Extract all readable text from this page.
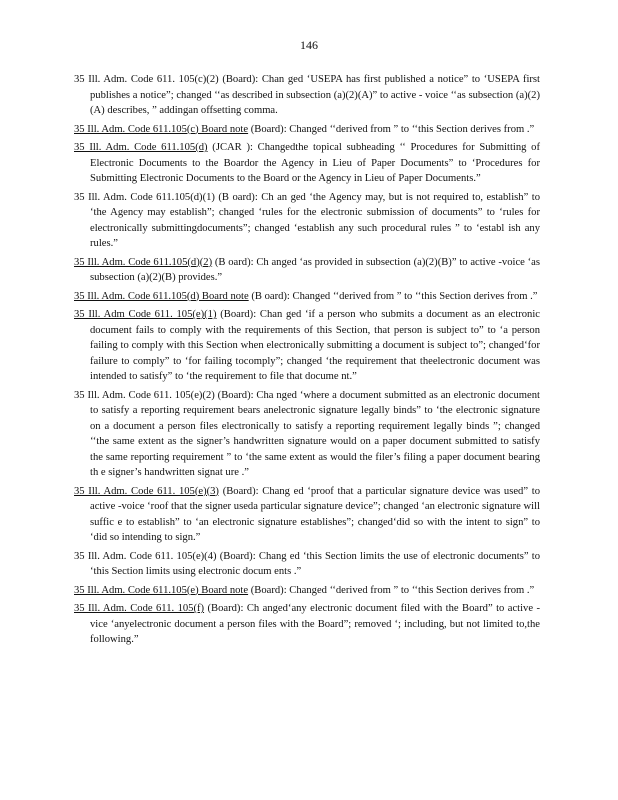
146

35 Ill. Adm. Code 611. 105(c)(2) (Board): Chan ged ‘USEPA has first published a notice” to ‘USEPA first publishes a notice”; changed ‘‘as described in subsection (a)(2)(A)” to active - voice ‘‘as subsection (a)(2)(A) describes, ” addingan offsetting comma.

35 Ill. Adm. Code 611.105(c) Board note (Board): Changed ‘‘derived from ” to ‘‘this Section derives from .”

35 Ill. Adm. Code 611.105(d) (JCAR ): Changedthe topical subheading ‘‘ Procedures for Submitting of Electronic Documents to the Boardor the Agency in Lieu of Paper Documents” to ‘Procedures for Submitting Electronic Documents to the Board or the Agency in Lieu of Paper Documents.”

35 Ill. Adm. Code 611.105(d)(1) (B oard): Ch an ged ‘the Agency may, but is not required to, establish” to ‘the Agency may establish”; changed ‘rules for the electronic submission of documents” to ‘rules for electronically submittingdocuments”; changed ‘establish any such procedural rules ” to ‘establ ish any rules.”

35 Ill. Adm. Code 611.105(d)(2) (B oard): Ch anged ‘as provided in subsection (a)(2)(B)” to active -voice ‘as subsection (a)(2)(B) provides.”

35 Ill. Adm. Code 611.105(d) Board note (B oard): Changed ‘‘derived from ” to ‘‘this Section derives from .”

35 Ill. Adm Code 611. 105(e)(1) (Board): Chan ged ‘if a person who submits a document as an electronic document fails to comply with the requirements of this Section, that person is subject to” to ‘a person failing to comply with this Section when electronically submitting a document is subject to”; changed‘for failure to comply” to ‘for failing tocomply”; changed ‘the requirement that theelectronic document was intended to satisfy” to ‘the requirement to file that docume nt.”

35 Ill. Adm. Code 611. 105(e)(2) (Board): Cha nged ‘where a document submitted as an electronic document to satisfy a reporting requirement bears anelectronic signature legally binds” to ‘the electronic signature on a document a person files electronically to satisfy a reporting requirement legally binds ”; changed ‘‘the same extent as the signer’s handwritten signature would on a paper document submitted to satisfy the same reporting requirement ” to ‘the same extent as would the filer’s filing a paper document bearing th e signer’s handwritten signat ure .”

35 Ill. Adm. Code 611. 105(e)(3) (Board): Chang ed ‘proof that a particular signature device was used” to active -voice ‘roof that the signer useda particular signature device”; changed ‘an electronic signature will suffic e to establish” to ‘an electronic signature establishes”; changed‘did so with the intent to sign” to ‘did so intending to sign.”

35 Ill. Adm. Code 611. 105(e)(4) (Board): Chang ed ‘this Section limits the use of electronic documents” to ‘this Section limits using electronic docum ents .”

35 Ill. Adm. Code 611.105(e) Board note (Board): Changed ‘‘derived from ” to ‘‘this Section derives from .”

35 Ill. Adm. Code 611. 105(f) (Board): Ch anged‘any electronic document filed with the Board” to active -vice ‘anyelectronic document a person files with the Board”; removed ‘; including, but not limited to,the following.”
